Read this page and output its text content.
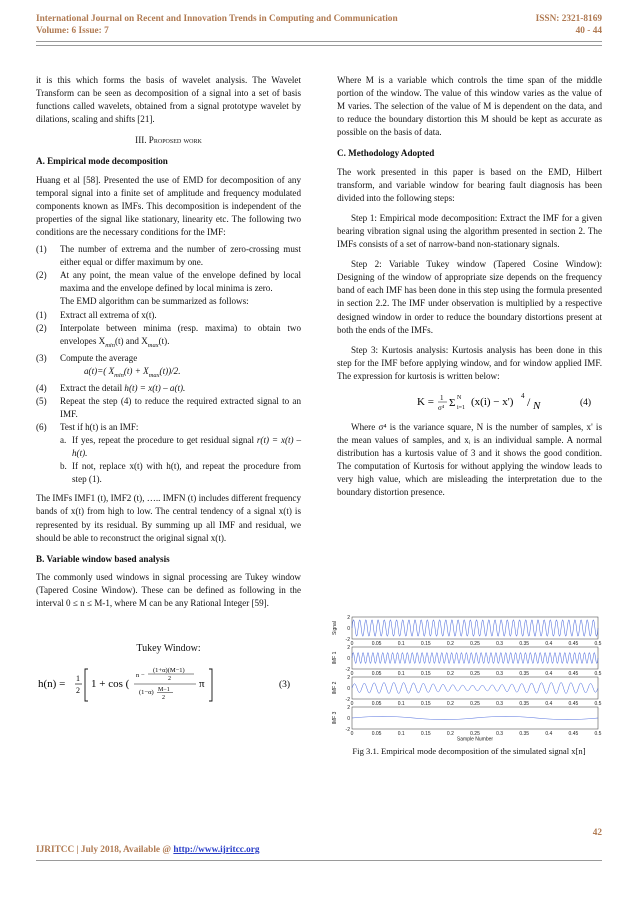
International Journal on Recent and Innovation Trends in Computing and Communication	ISSN: 2321-8169
Volume: 6 Issue: 7	40 - 44

it is this which forms the basis of wavelet analysis. The Wavelet Transform can be seen as decomposition of a signal into a set of basis functions called wavelets, obtained from a signal prototype wavelet by dilations, scaling and shifts [21].

III. Proposed work

A. Empirical mode decomposition

Huang et al [58]. Presented the use of EMD for decomposition of any temporal signal into a finite set of amplitude and frequency modulated components known as IMFs. This decomposition is independent of the properties of the signal like stationary, linearity etc. The following two conditions are the necessary conditions for the IMF:

(1)	The number of extrema and the number of zero-crossing must either equal or differ maximum by one.
(2)	At any point, the mean value of the envelope defined by local maxima and the envelope defined by local minima is zero.

The EMD algorithm can be summarized as follows:

(1)	Extract all extrema of x(t).
(2)	Interpolate between minima (resp. maxima) to obtain two envelopes $X_{min}(t)$ and $X_{max}(t)$.
(3)	Compute the average
a(t)=( $X_{min}(t) + X_{max}(t))/2$.
(4)	Extract the detail h(t) = x(t) – a(t).
(5)	Repeat the step (4) to reduce the required extracted signal to an IMF.
(6)	Test if h(t) is an IMF:
a. If yes, repeat the procedure to get residual signal r(t) = x(t) – h(t).
b. If not, replace x(t) with h(t), and repeat the procedure from step (1).

The IMFs IMF1 (t), IMF2 (t), ….. IMFN (t) includes different frequency bands of x(t) from high to low. The central tendency of a signal x(t) is represented by its residual. By summing up all IMF and residual, we should be able to reconstruct the original signal x(t).

B. Variable window based analysis

The commonly used windows in signal processing are Tukey window (Tapered Cosine Window). These can be defined as following in the interval 0 ≤ n ≤ M-1, where M can be any Rational Integer [59].

Tukey Window:

h(n) = 1
2
1 + cos (
n −
(1+α)(M−1)
2
(1−α) M−1
2
π	(3)

Where M is a variable which controls the time span of the middle portion of the window. The value of this window varies as the value of M varies. The selection of the value of M is dependent on the data, and to reduce the boundary distortion this M should be kept as accurate as possible on the basis of data.

C. Methodology Adopted

The work presented in this paper is based on the EMD, Hilbert transform, and variable window for bearing fault diagnosis has been divided into the following steps:

Step 1: Empirical mode decomposition: Extract the IMF for a given bearing vibration signal using the algorithm presented in section 2. The IMFs consists of a set of narrow-band non-stationary signals.

Step 2: Variable Tukey window (Tapered Cosine Window): Designing of the window of appropriate size depends on the frequency band of each IMF has been done in this step using the formula presented in section 2.2. The IMF under observation is multiplied by a respective designed window in order to reduce the boundary distortions present at both the ends of the IMFs.

Step 3: Kurtosis analysis: Kurtosis analysis has been done in this step for the IMF before applying window, and for window applied IMF. The expression for kurtosis is written below:

K = 1
σ⁴ Σ N
i=1 (x(i) − x') 4 / N	(4)

Where σ⁴ is the variance square, N is the number of samples, x' is the mean values of samples, and xᵢ is an individual sample. A normal distribution has a kurtosis value of 3 and it shows the good condition. The computation of Kurtosis for without applying the window leads to very high value, which are misleading the interpretation due to the boundary distortion presence.

2
0
-2
Signal
0	0.05	0.1	0.15	0.2	0.25	0.3	0.35	0.4	0.45	0.5
2
0
-2
IMF 1
0	0.05	0.1	0.15	0.2	0.25	0.3	0.35	0.4	0.45	0.5
2
0
-2
IMF 2
0	0.05	0.1	0.15	0.2	0.25	0.3	0.35	0.4	0.45	0.5
2
0
-2
IMF 3
0	0.05	0.1	0.15	0.2	0.25	0.3	0.35	0.4	0.45	0.5
Sample Number
Fig 3.1. Empirical mode decomposition of the simulated signal x[n]
42
IJRITCC | July 2018, Available @ http://www.ijritcc.org
